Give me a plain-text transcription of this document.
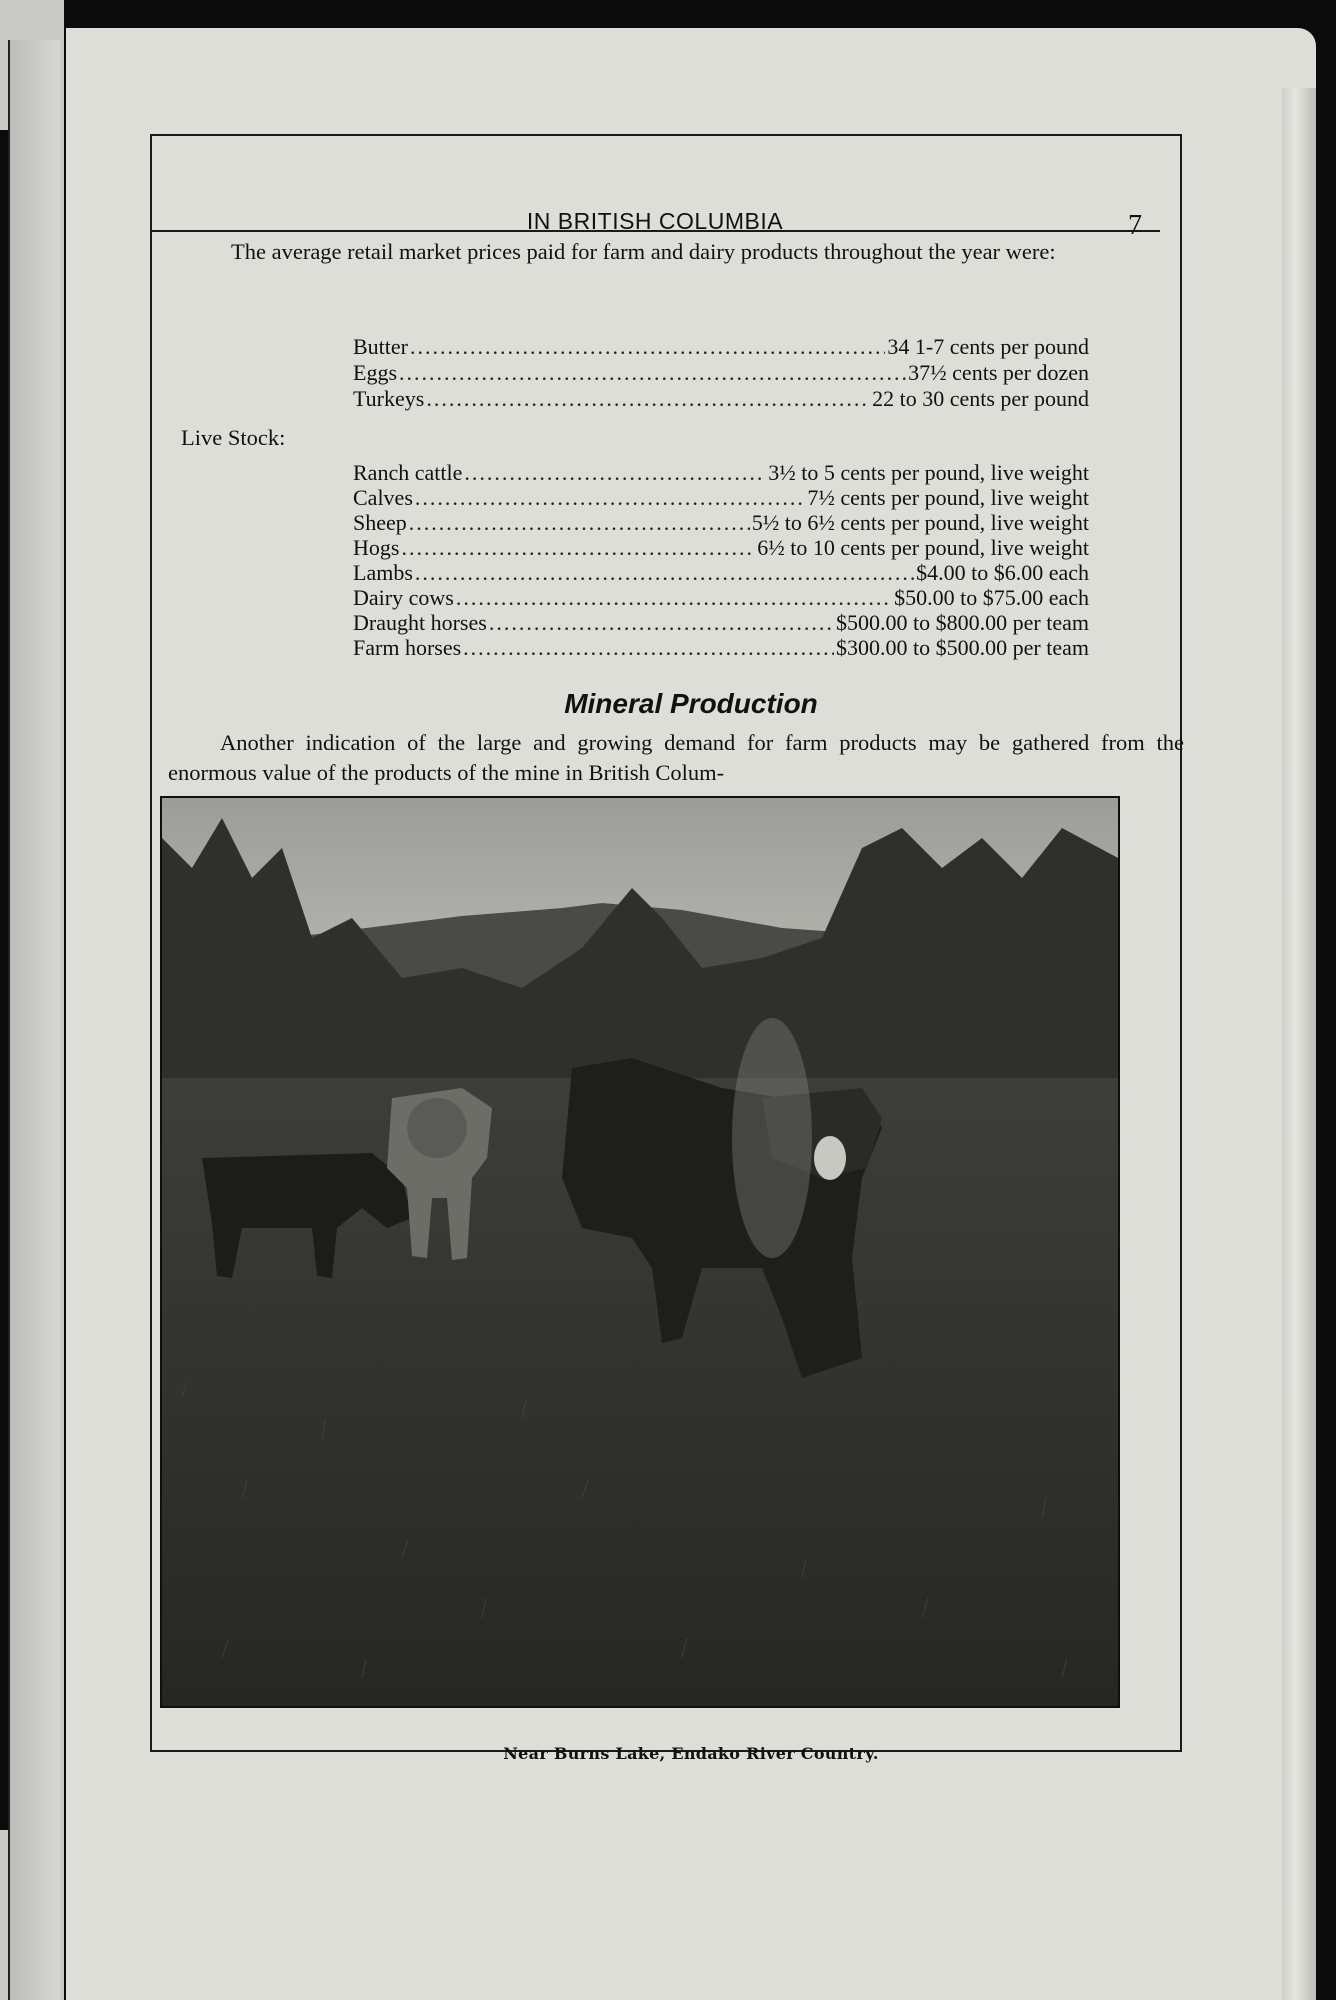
IN BRITISH COLUMBIA	7
The average retail market prices paid for farm and dairy products throughout the year were:
Butter .....	34 1-7 cents per pound
Eggs .....	37½ cents per dozen
Turkeys .....	22 to 30 cents per pound
Live Stock:
Ranch cattle .....	3½ to 5 cents per pound, live weight
Calves .....	7½ cents per pound, live weight
Sheep .....	5½ to 6½ cents per pound, live weight
Hogs .....	6½ to 10 cents per pound, live weight
Lambs .....	$4.00 to $6.00 each
Dairy cows .....	$50.00 to $75.00 each
Draught horses .....	$500.00 to $800.00 per team
Farm horses .....	$300.00 to $500.00 per team
Mineral Production
Another indication of the large and growing demand for farm products may be gathered from the enormous value of the products of the mine in British Colum-
Near Burns Lake, Endako River Country.
